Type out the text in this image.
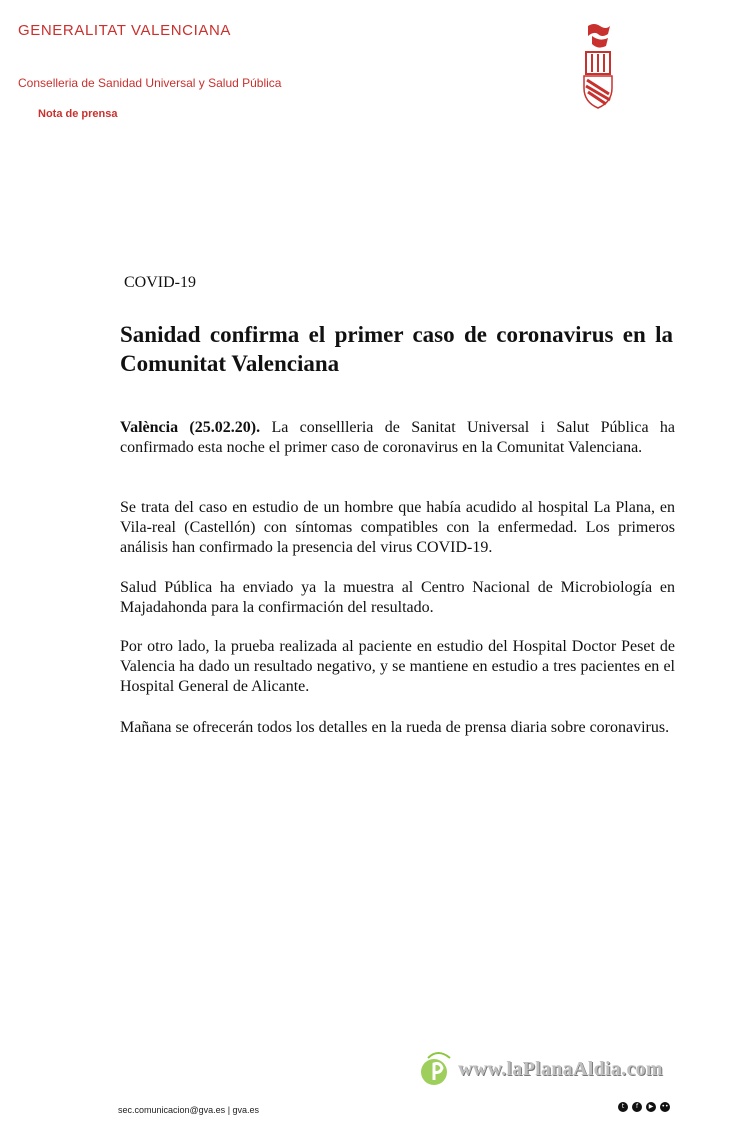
GENERALITAT VALENCIANA
Conselleria de Sanidad Universal y Salud Pública
Nota de prensa
COVID-19
Sanidad confirma el primer caso de coronavirus en la Comunitat Valenciana

València (25.02.20). La consellleria de Sanitat Universal i Salut Pública ha confirmado esta noche el primer caso de coronavirus en la Comunitat Valenciana.

Se trata del caso en estudio de un hombre que había acudido al hospital La Plana, en Vila-real (Castellón) con síntomas compatibles con la enfermedad. Los primeros análisis han confirmado la presencia del virus COVID-19.

Salud Pública ha enviado ya la muestra al Centro Nacional de Microbiología en Majadahonda para la confirmación del resultado.

Por otro lado, la prueba realizada al paciente en estudio del Hospital Doctor Peset de Valencia ha dado un resultado negativo, y se mantiene en estudio a tres pacientes en el Hospital General de Alicante.

Mañana se ofrecerán todos los detalles en la rueda de prensa diaria sobre coronavirus.

www.laPlanaAldia.com
sec.comunicacion@gva.es | gva.es	t	f	▶	••
